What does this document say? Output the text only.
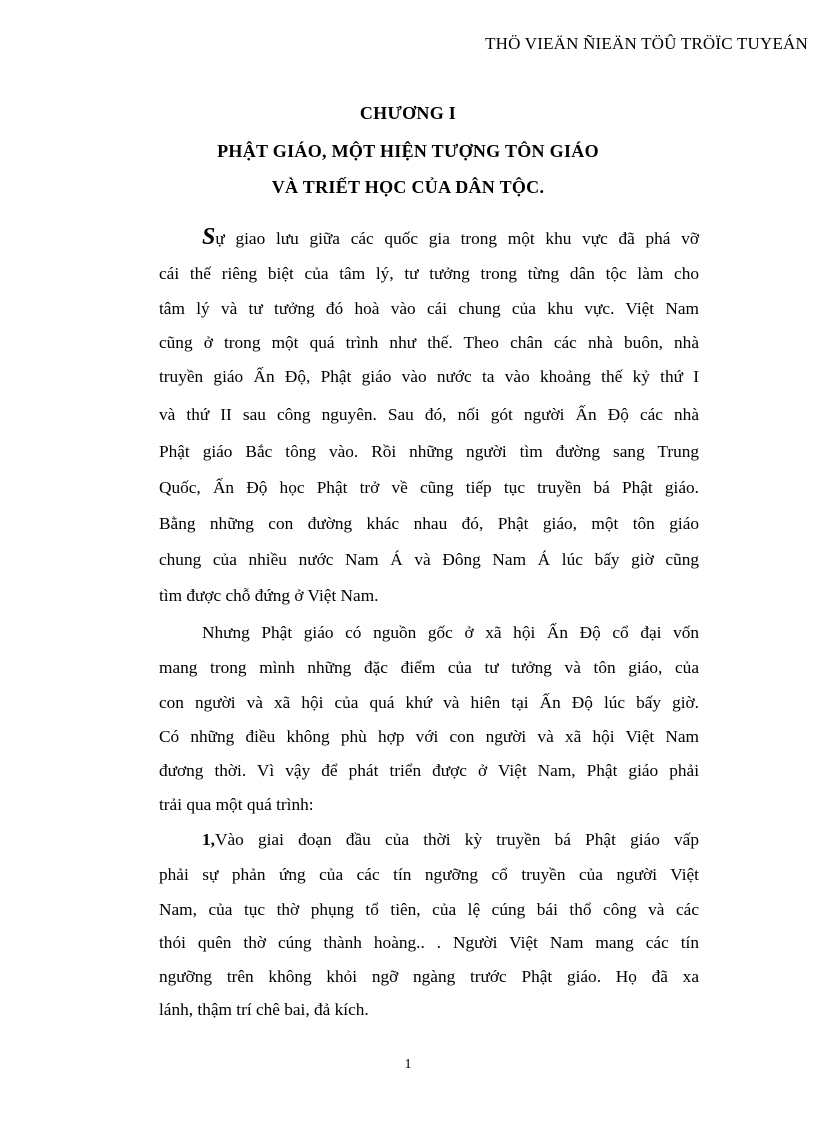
THÖ VIEÄN ÑIEÄN TÖÛ TRÖÏC TUYEÁN
CHƯƠNG I
PHẬT GIÁO, MỘT HIỆN TƯỢNG TÔN GIÁO
VÀ TRIẾT HỌC CỦA DÂN TỘC.
Sự giao lưu giữa các quốc gia trong một khu vực đã phá vỡ
cái thế riêng biệt của tâm lý, tư tưởng trong từng dân tộc làm cho
tâm lý và tư tưởng đó hoà vào cái chung của khu vực. Việt Nam
cũng ở trong một quá trình như thế. Theo chân các nhà buôn, nhà
truyền giáo Ấn Độ, Phật giáo vào nước ta vào khoảng thế kỷ thứ I
và thứ II sau công nguyên. Sau đó, nối gót người Ấn Độ các nhà
Phật giáo Bắc tông vào. Rồi những người tìm đường sang Trung
Quốc, Ấn Độ học Phật trở về cũng tiếp tục truyền bá Phật giáo.
Bằng những con đường khác nhau đó, Phật giáo, một tôn giáo
chung của nhiều nước Nam Á và Đông Nam Á lúc bấy giờ cũng
tìm được chỗ đứng ở Việt Nam.
Nhưng Phật giáo có nguồn gốc ở xã hội Ấn Độ cổ đại vốn
mang trong mình những đặc điểm của tư tưởng và tôn giáo, của
con người và xã hội của quá khứ và hiên tại Ấn Độ lúc bấy giờ.
Có những điều không phù hợp với con người và xã hội Việt Nam
đương thời. Vì vậy để phát triển được ở Việt Nam, Phật giáo phải
trải qua một quá trình:
1,Vào giai đoạn đầu của thời kỳ truyền bá Phật giáo vấp
phải sự phản ứng của các tín ngưỡng cổ truyền của người Việt
Nam, của tục thờ phụng tổ tiên, của lệ cúng bái thổ công và các
thói quên thờ cúng thành hoàng.. . Người Việt Nam mang các tín
ngưỡng trên không khỏi ngỡ ngàng trước Phật giáo. Họ đã xa
lánh, thậm trí chê bai, đả kích.
1
